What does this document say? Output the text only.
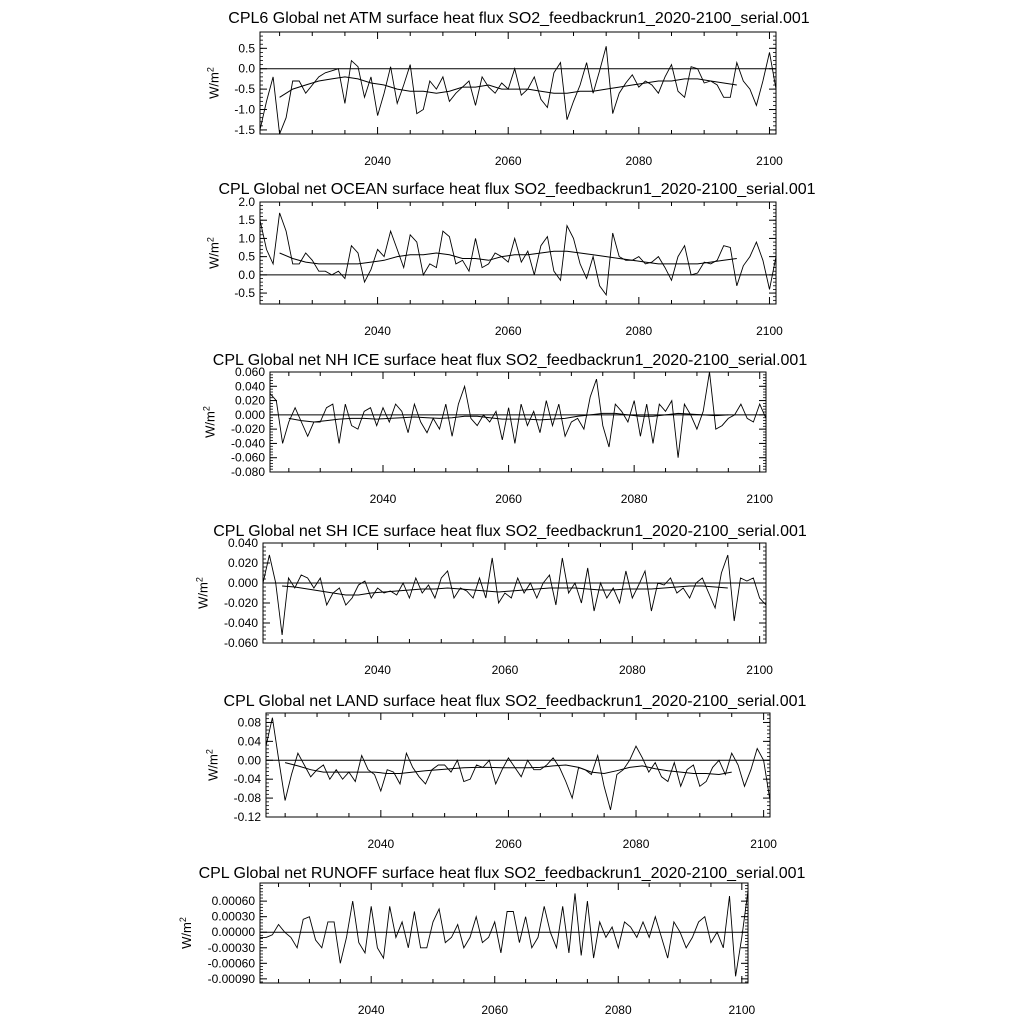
CPL6 Global net ATM surface heat flux SO2_feedbackrun1_2020-2100_serial.001
2040	2060	2080	2100
0.5
0.0
-0.5
-1.0
-1.5
$W/m^2$
CPL Global net OCEAN surface heat flux SO2_feedbackrun1_2020-2100_serial.001
2040	2060	2080	2100
2.0
1.5
1.0
0.5
0.0
-0.5
$W/m^2$
CPL Global net NH ICE surface heat flux SO2_feedbackrun1_2020-2100_serial.001
2040	2060	2080	2100
0.060
0.040
0.020
0.000
-0.020
-0.040
-0.060
-0.080
$W/m^2$
CPL Global net SH ICE surface heat flux SO2_feedbackrun1_2020-2100_serial.001
2040	2060	2080	2100
0.040
0.020
0.000
-0.020
-0.040
-0.060
$W/m^2$
CPL Global net LAND surface heat flux SO2_feedbackrun1_2020-2100_serial.001
2040	2060	2080	2100
0.08
0.04
0.00
-0.04
-0.08
-0.12
$W/m^2$
CPL Global net RUNOFF surface heat flux SO2_feedbackrun1_2020-2100_serial.001
2040	2060	2080	2100
0.00060
0.00030
0.00000
-0.00030
-0.00060
-0.00090
$W/m^2$
